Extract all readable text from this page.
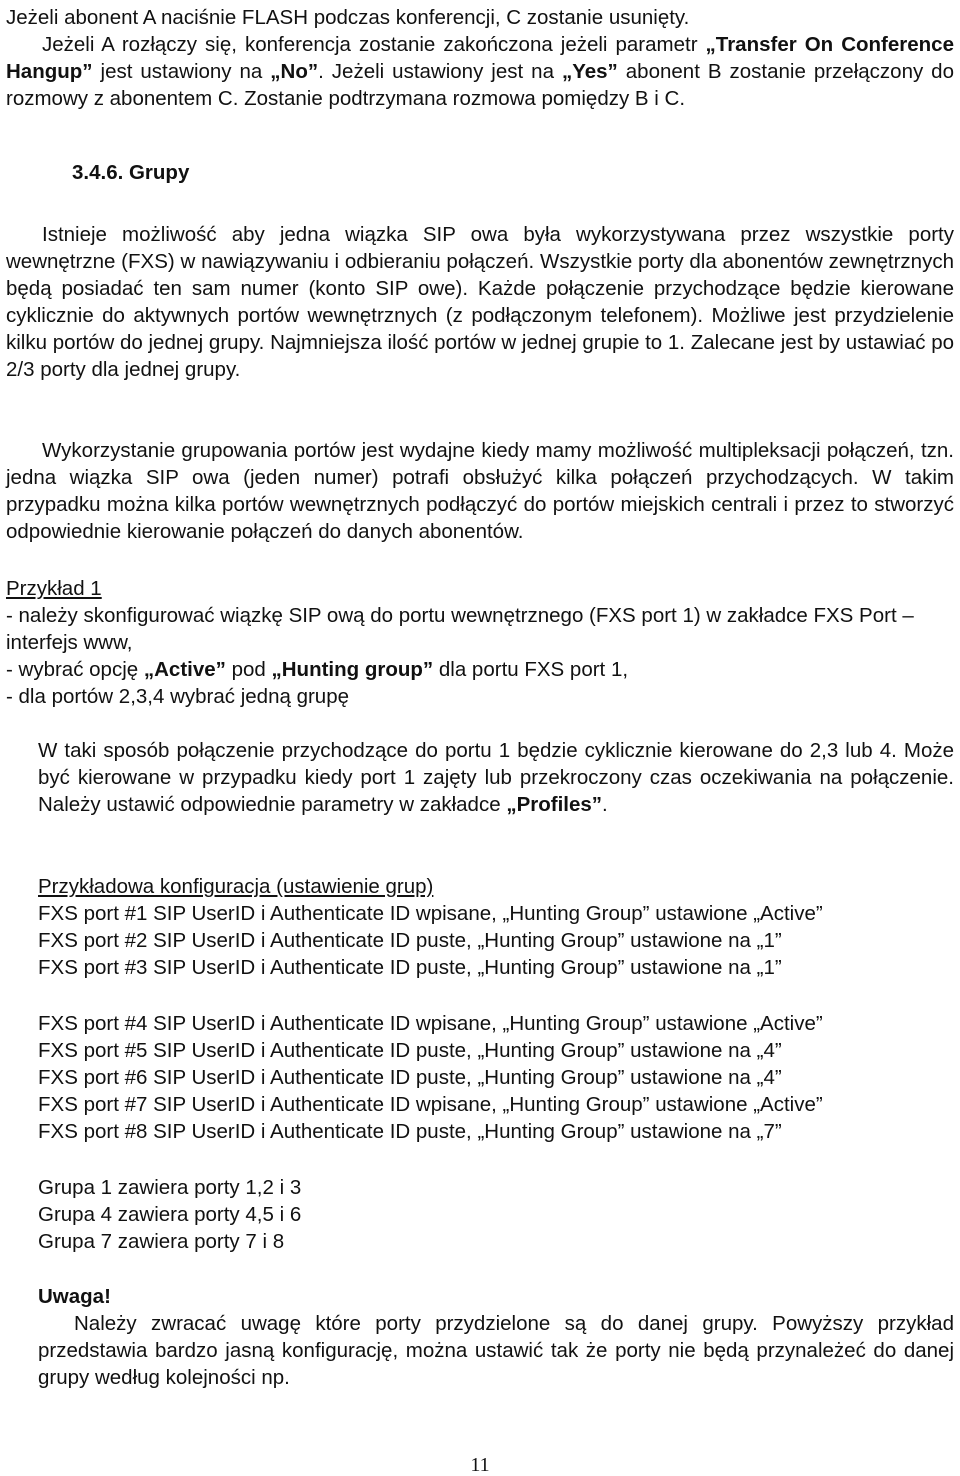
Jeżeli abonent A naciśnie FLASH podczas konferencji, C zostanie usunięty.

Jeżeli A rozłączy się, konferencja zostanie zakończona jeżeli parametr „Transfer On Conference Hangup” jest ustawiony na „No”. Jeżeli ustawiony jest na „Yes” abonent B zostanie przełączony do rozmowy z abonentem C. Zostanie podtrzymana rozmowa pomiędzy B i C.

3.4.6. Grupy

Istnieje możliwość aby jedna wiązka SIP owa była wykorzystywana przez wszystkie porty wewnętrzne (FXS) w nawiązywaniu i odbieraniu połączeń. Wszystkie porty dla abonentów zewnętrznych będą posiadać ten sam numer (konto SIP owe). Każde połączenie przychodzące będzie kierowane cyklicznie do aktywnych portów wewnętrznych (z podłączonym telefonem). Możliwe jest przydzielenie kilku portów do jednej grupy. Najmniejsza ilość portów w jednej grupie to 1. Zalecane jest by ustawiać po 2/3 porty dla jednej grupy.

Wykorzystanie grupowania portów jest wydajne kiedy mamy możliwość multipleksacji połączeń, tzn. jedna wiązka SIP owa (jeden numer) potrafi obsłużyć kilka połączeń przychodzących. W takim przypadku można kilka portów wewnętrznych podłączyć do portów miejskich centrali i przez to stworzyć odpowiednie kierowanie połączeń do danych abonentów.

Przykład 1

- należy skonfigurować wiązkę SIP ową do portu wewnętrznego (FXS port 1) w zakładce FXS Port – interfejs www,

- wybrać opcję „Active” pod „Hunting group” dla portu FXS port 1,

- dla portów 2,3,4 wybrać jedną grupę

W taki sposób połączenie przychodzące do portu 1 będzie cyklicznie kierowane do 2,3 lub 4. Może być kierowane w przypadku kiedy port 1 zajęty lub przekroczony czas oczekiwania na połączenie. Należy ustawić odpowiednie parametry w zakładce „Profiles”.

Przykładowa konfiguracja (ustawienie grup)

FXS port #1 SIP UserID i Authenticate ID wpisane, „Hunting Group” ustawione „Active”

FXS port #2 SIP UserID i Authenticate ID puste, „Hunting Group” ustawione na „1”

FXS port #3 SIP UserID i Authenticate ID puste, „Hunting Group” ustawione na „1”

FXS port #4 SIP UserID i Authenticate ID wpisane, „Hunting Group” ustawione „Active”

FXS port #5 SIP UserID i Authenticate ID puste, „Hunting Group” ustawione na „4”

FXS port #6 SIP UserID i Authenticate ID puste, „Hunting Group” ustawione na „4”

FXS port #7 SIP UserID i Authenticate ID wpisane, „Hunting Group” ustawione „Active”

FXS port #8 SIP UserID i Authenticate ID puste, „Hunting Group” ustawione na „7”

Grupa 1 zawiera porty 1,2 i 3

Grupa 4 zawiera porty 4,5 i 6

Grupa 7 zawiera porty 7 i 8

Uwaga!

Należy zwracać uwagę które porty przydzielone są do danej grupy. Powyższy przykład przedstawia bardzo jasną konfigurację, można ustawić tak że porty nie będą przynależeć do danej grupy według kolejności np.

11
